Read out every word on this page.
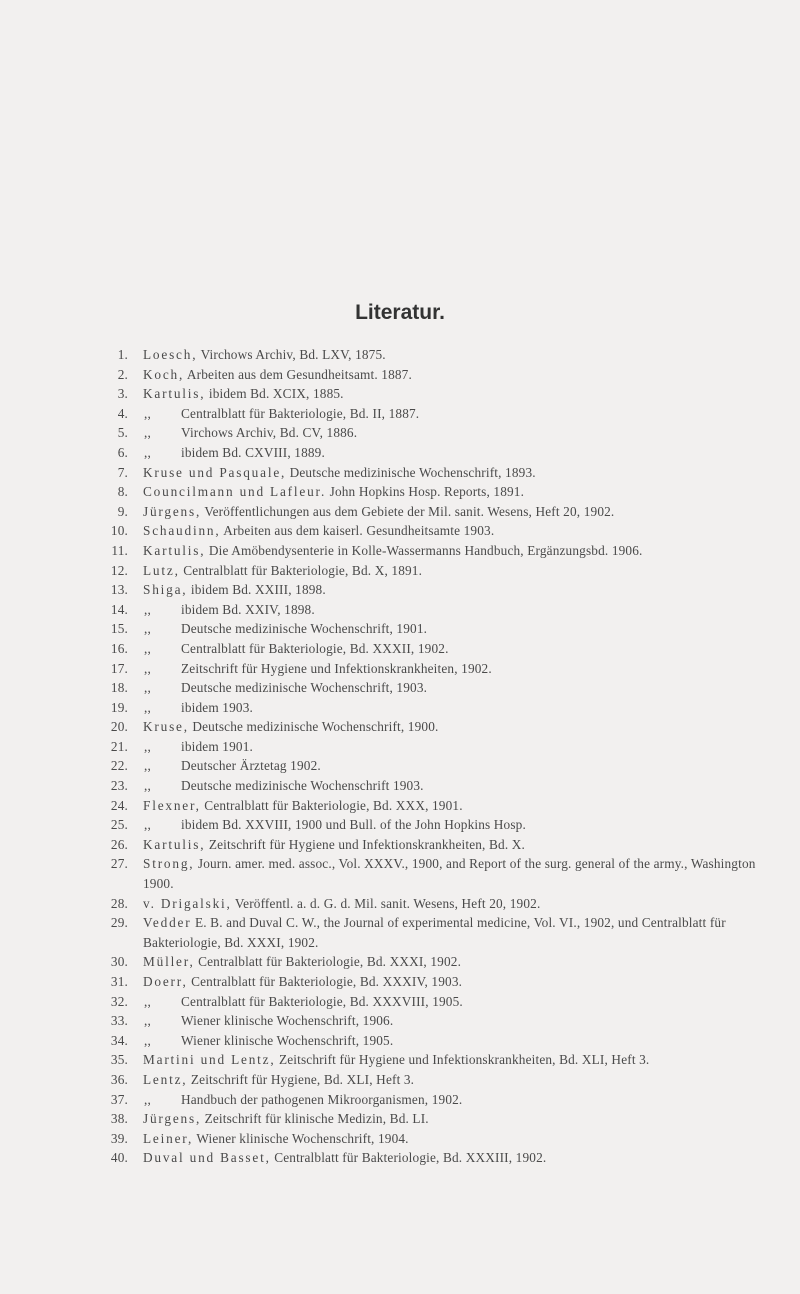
Literatur.
1. Loesch, Virchows Archiv, Bd. LXV, 1875.
2. Koch, Arbeiten aus dem Gesundheitsamt. 1887.
3. Kartulis, ibidem Bd. XCIX, 1885.
4. ,, Centralblatt für Bakteriologie, Bd. II, 1887.
5. ,, Virchows Archiv, Bd. CV, 1886.
6. ,, ibidem Bd. CXVIII, 1889.
7. Kruse und Pasquale, Deutsche medizinische Wochenschrift, 1893.
8. Councilmann und Lafleur. John Hopkins Hosp. Reports, 1891.
9. Jürgens, Veröffentlichungen aus dem Gebiete der Mil. sanit. Wesens, Heft 20, 1902.
10. Schaudinn, Arbeiten aus dem kaiserl. Gesundheitsamte 1903.
11. Kartulis, Die Amöbendysenterie in Kolle-Wassermanns Handbuch, Ergänzungsbd. 1906.
12. Lutz, Centralblatt für Bakteriologie, Bd. X, 1891.
13. Shiga, ibidem Bd. XXIII, 1898.
14. ,, ibidem Bd. XXIV, 1898.
15. ,, Deutsche medizinische Wochenschrift, 1901.
16. ,, Centralblatt für Bakteriologie, Bd. XXXII, 1902.
17. ,, Zeitschrift für Hygiene und Infektionskrankheiten, 1902.
18. ,, Deutsche medizinische Wochenschrift, 1903.
19. ,, ibidem 1903.
20. Kruse, Deutsche medizinische Wochenschrift, 1900.
21. ,, ibidem 1901.
22. ,, Deutscher Ärztetag 1902.
23. ,, Deutsche medizinische Wochenschrift 1903.
24. Flexner, Centralblatt für Bakteriologie, Bd. XXX, 1901.
25. ,, ibidem Bd. XXVIII, 1900 und Bull. of the John Hopkins Hosp.
26. Kartulis, Zeitschrift für Hygiene und Infektionskrankheiten, Bd. X.
27. Strong, Journ. amer. med. assoc., Vol. XXXV., 1900, and Report of the surg. general of the army., Washington 1900.
28. v. Drigalski, Veröffentl. a. d. G. d. Mil. sanit. Wesens, Heft 20, 1902.
29. Vedder E. B. and Duval C. W., the Journal of experimental medicine, Vol. VI., 1902, und Centralblatt für Bakteriologie, Bd. XXXI, 1902.
30. Müller, Centralblatt für Bakteriologie, Bd. XXXI, 1902.
31. Doerr, Centralblatt für Bakteriologie, Bd. XXXIV, 1903.
32. ,, Centralblatt für Bakteriologie, Bd. XXXVIII, 1905.
33. ,, Wiener klinische Wochenschrift, 1906.
34. ,, Wiener klinische Wochenschrift, 1905.
35. Martini und Lentz, Zeitschrift für Hygiene und Infektionskrankheiten, Bd. XLI, Heft 3.
36. Lentz, Zeitschrift für Hygiene, Bd. XLI, Heft 3.
37. ,, Handbuch der pathogenen Mikroorganismen, 1902.
38. Jürgens, Zeitschrift für klinische Medizin, Bd. LI.
39. Leiner, Wiener klinische Wochenschrift, 1904.
40. Duval und Basset, Centralblatt für Bakteriologie, Bd. XXXIII, 1902.
